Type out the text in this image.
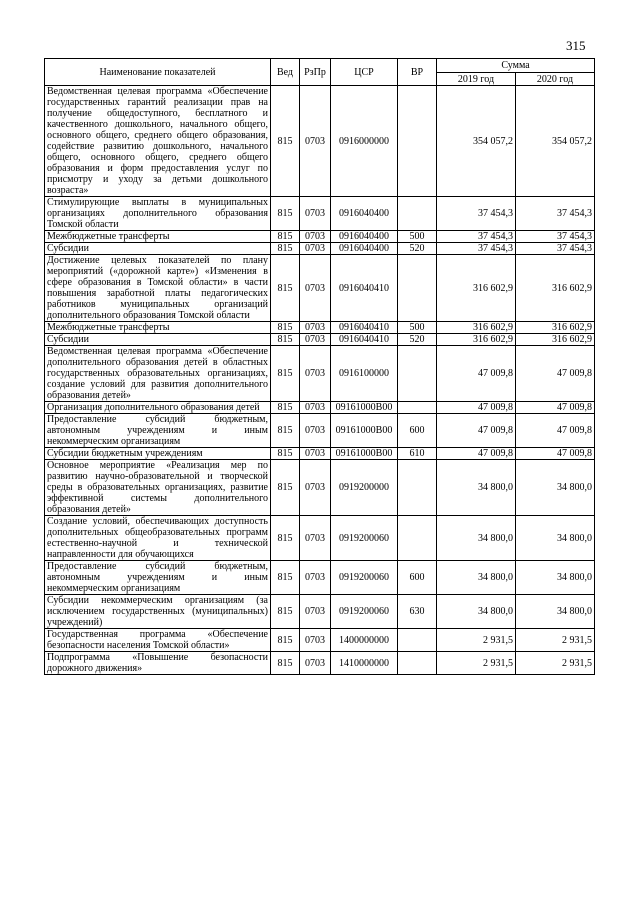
315
Наименование показателей	Вед	РзПр	ЦСР	ВР	Сумма	
					2019 год	2020 год
Ведомственная целевая программа «Обеспечение государственных гарантий реализации прав на получение общедоступного, бесплатного и качественного дошкольного, начального общего, основного общего, среднего общего образования, содействие развитию дошкольного, начального общего, основного общего, среднего общего образования и форм предоставления услуг по присмотру и уходу за детьми дошкольного возраста»	815	0703	0916000000		354 057,2	354 057,2
Стимулирующие выплаты в муниципальных организациях дополнительного образования Томской области	815	0703	0916040400		37 454,3	37 454,3
Межбюджетные трансферты	815	0703	0916040400	500	37 454,3	37 454,3
Субсидии	815	0703	0916040400	520	37 454,3	37 454,3
Достижение целевых показателей по плану мероприятий («дорожной карте») «Изменения в сфере образования в Томской области» в части повышения заработной платы педагогических работников муниципальных организаций дополнительного образования Томской области	815	0703	0916040410		316 602,9	316 602,9
Межбюджетные трансферты	815	0703	0916040410	500	316 602,9	316 602,9
Субсидии	815	0703	0916040410	520	316 602,9	316 602,9
Ведомственная целевая программа «Обеспечение дополнительного образования детей в областных государственных образовательных организациях, создание условий для развития дополнительного образования детей»	815	0703	0916100000		47 009,8	47 009,8
Организация дополнительного образования детей	815	0703	09161000В00		47 009,8	47 009,8
Предоставление субсидий бюджетным, автономным учреждениям и иным некоммерческим организациям	815	0703	09161000В00	600	47 009,8	47 009,8
Субсидии бюджетным учреждениям	815	0703	09161000В00	610	47 009,8	47 009,8
Основное мероприятие «Реализация мер по развитию научно-образовательной и творческой среды в образовательных организациях, развитие эффективной системы дополнительного образования детей»	815	0703	0919200000		34 800,0	34 800,0
Создание условий, обеспечивающих доступность дополнительных общеобразовательных программ естественно-научной и технической направленности для обучающихся	815	0703	0919200060		34 800,0	34 800,0
Предоставление субсидий бюджетным, автономным учреждениям и иным некоммерческим организациям	815	0703	0919200060	600	34 800,0	34 800,0
Субсидии некоммерческим организациям (за исключением государственных (муниципальных) учреждений)	815	0703	0919200060	630	34 800,0	34 800,0
Государственная программа «Обеспечение безопасности населения Томской области»	815	0703	1400000000		2 931,5	2 931,5
Подпрограмма «Повышение безопасности дорожного движения»	815	0703	1410000000		2 931,5	2 931,5
